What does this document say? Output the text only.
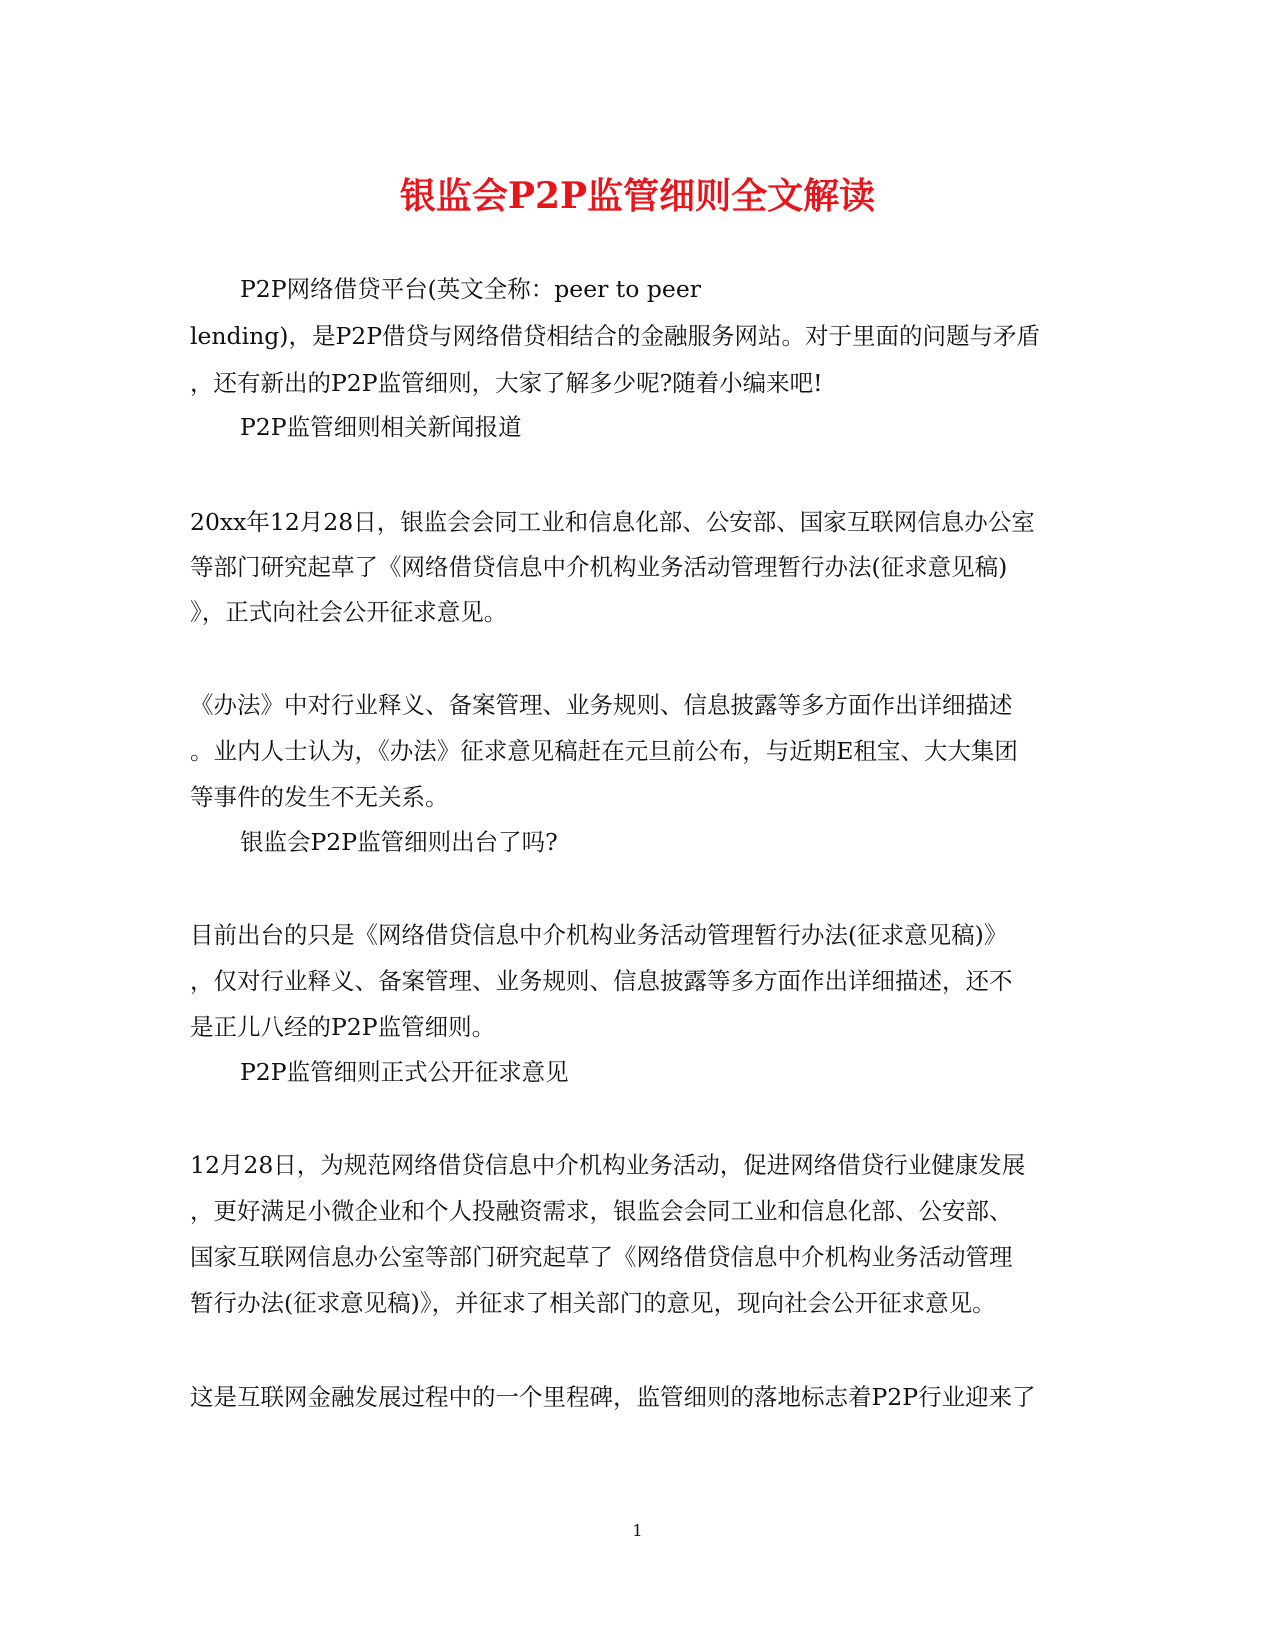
银监会P2P监管细则全文解读
P2P网络借贷平台(英文全称：peer to peer
lending)，是P2P借贷与网络借贷相结合的金融服务网站。对于里面的问题与矛盾
，还有新出的P2P监管细则，大家了解多少呢?随着小编来吧!
P2P监管细则相关新闻报道
20xx年12月28日，银监会会同工业和信息化部、公安部、国家互联网信息办公室
等部门研究起草了《网络借贷信息中介机构业务活动管理暂行办法(征求意见稿)
》，正式向社会公开征求意见。
《办法》中对行业释义、备案管理、业务规则、信息披露等多方面作出详细描述
。业内人士认为，《办法》征求意见稿赶在元旦前公布，与近期E租宝、大大集团
等事件的发生不无关系。
银监会P2P监管细则出台了吗?
目前出台的只是《网络借贷信息中介机构业务活动管理暂行办法(征求意见稿)》
，仅对行业释义、备案管理、业务规则、信息披露等多方面作出详细描述，还不
是正儿八经的P2P监管细则。
P2P监管细则正式公开征求意见
12月28日，为规范网络借贷信息中介机构业务活动，促进网络借贷行业健康发展
，更好满足小微企业和个人投融资需求，银监会会同工业和信息化部、公安部、
国家互联网信息办公室等部门研究起草了《网络借贷信息中介机构业务活动管理
暂行办法(征求意见稿)》，并征求了相关部门的意见，现向社会公开征求意见。
这是互联网金融发展过程中的一个里程碑，监管细则的落地标志着P2P行业迎来了
1
